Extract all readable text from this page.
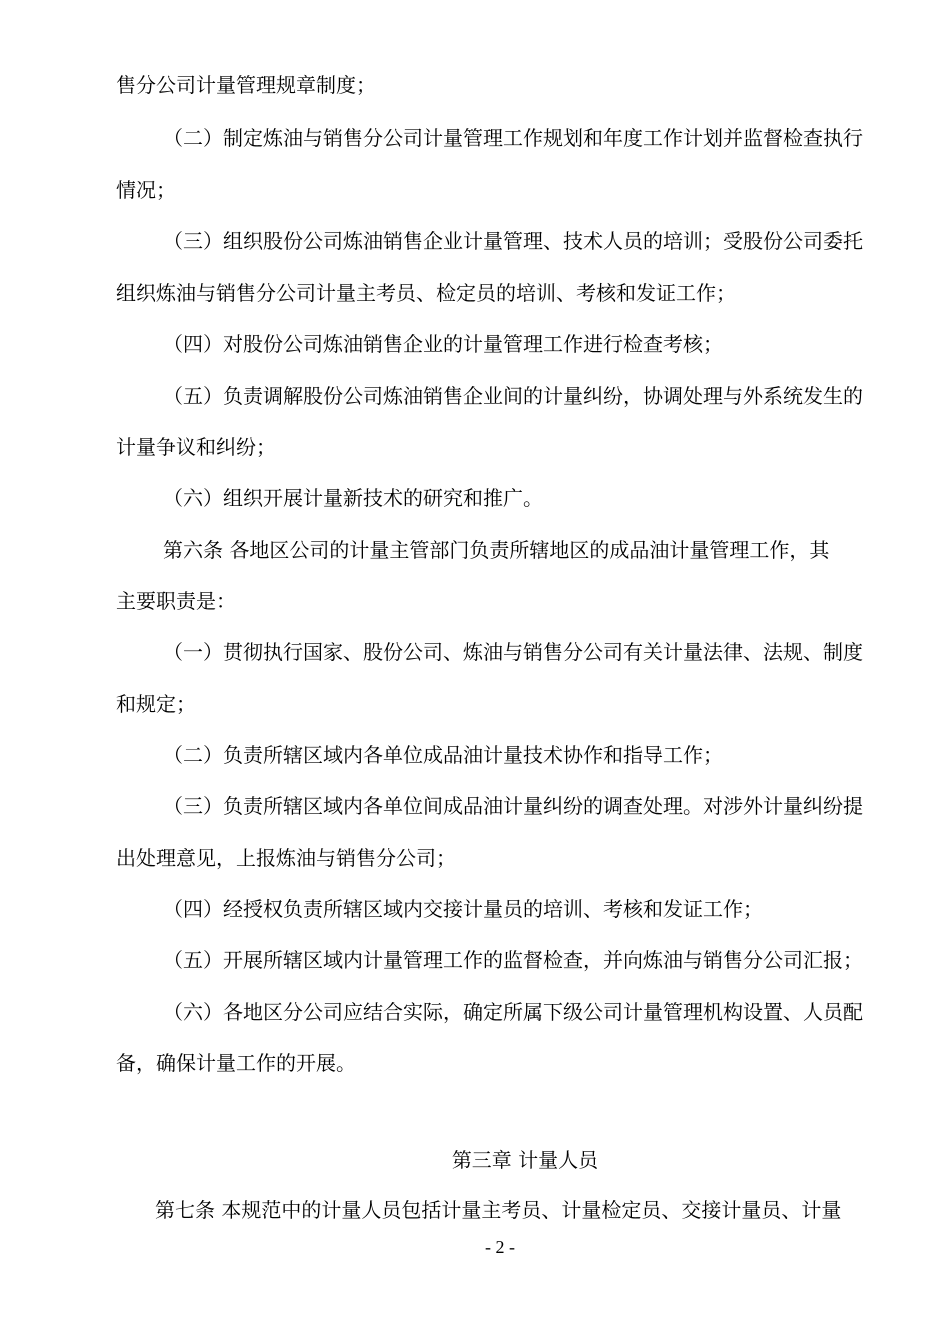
售分公司计量管理规章制度；
（二）制定炼油与销售分公司计量管理工作规划和年度工作计划并监督检查执行
情况；
（三）组织股份公司炼油销售企业计量管理、技术人员的培训；受股份公司委托
组织炼油与销售分公司计量主考员、检定员的培训、考核和发证工作；
（四）对股份公司炼油销售企业的计量管理工作进行检查考核；
（五）负责调解股份公司炼油销售企业间的计量纠纷，协调处理与外系统发生的
计量争议和纠纷；
（六）组织开展计量新技术的研究和推广。
第六条 各地区公司的计量主管部门负责所辖地区的成品油计量管理工作，其
主要职责是：
（一）贯彻执行国家、股份公司、炼油与销售分公司有关计量法律、法规、制度
和规定；
（二）负责所辖区域内各单位成品油计量技术协作和指导工作；
（三）负责所辖区域内各单位间成品油计量纠纷的调查处理。对涉外计量纠纷提
出处理意见，上报炼油与销售分公司；
（四）经授权负责所辖区域内交接计量员的培训、考核和发证工作；
（五）开展所辖区域内计量管理工作的监督检查，并向炼油与销售分公司汇报；
（六）各地区分公司应结合实际，确定所属下级公司计量管理机构设置、人员配
备，确保计量工作的开展。
第三章 计量人员
第七条 本规范中的计量人员包括计量主考员、计量检定员、交接计量员、计量
- 2 -
